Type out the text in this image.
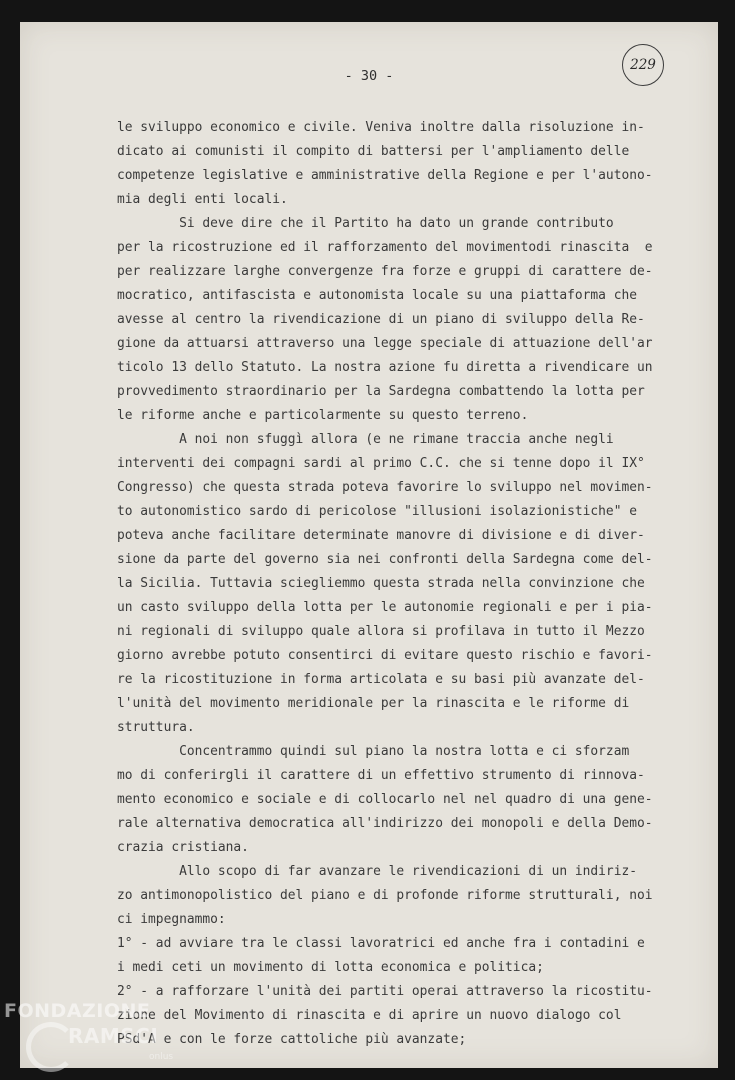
- 30 -
229
le sviluppo economico e civile. Veniva inoltre dalla risoluzione in-
dicato ai comunisti il compito di battersi per l'ampliamento delle
competenze legislative e amministrative della Regione e per l'autono-
mia degli enti locali.
Si deve dire che il Partito ha dato un grande contributo
per la ricostruzione ed il rafforzamento del movimentodi rinascita  e
per realizzare larghe convergenze fra forze e gruppi di carattere de-
mocratico, antifascista e autonomista locale su una piattaforma che
avesse al centro la rivendicazione di un piano di sviluppo della Re-
gione da attuarsi attraverso una legge speciale di attuazione dell'ar
ticolo 13 dello Statuto. La nostra azione fu diretta a rivendicare un
provvedimento straordinario per la Sardegna combattendo la lotta per
le riforme anche e particolarmente su questo terreno.
A noi non sfuggì allora (e ne rimane traccia anche negli
interventi dei compagni sardi al primo C.C. che si tenne dopo il IX°
Congresso) che questa strada poteva favorire lo sviluppo nel movimen-
to autonomistico sardo di pericolose "illusioni isolazionistiche" e
poteva anche facilitare determinate manovre di divisione e di diver-
sione da parte del governo sia nei confronti della Sardegna come del-
la Sicilia. Tuttavia sciegliemmo questa strada nella convinzione che
un casto sviluppo della lotta per le autonomie regionali e per i pia-
ni regionali di sviluppo quale allora si profilava in tutto il Mezzo
giorno avrebbe potuto consentirci di evitare questo rischio e favori-
re la ricostituzione in forma articolata e su basi più avanzate del-
l'unità del movimento meridionale per la rinascita e le riforme di
struttura.
Concentrammo quindi sul piano la nostra lotta e ci sforzam
mo di conferirgli il carattere di un effettivo strumento di rinnova-
mento economico e sociale e di collocarlo nel nel quadro di una gene-
rale alternativa democratica all'indirizzo dei monopoli e della Demo-
crazia cristiana.
Allo scopo di far avanzare le rivendicazioni di un indiriz-
zo antimonopolistico del piano e di profonde riforme strutturali, noi
ci impegnammo:
1° - ad avviare tra le classi lavoratrici ed anche fra i contadini e
i medi ceti un movimento di lotta economica e politica;
2° - a rafforzare l'unità dei partiti operai attraverso la ricostitu-
zione del Movimento di rinascita e di aprire un nuovo dialogo col
PSd'A e con le forze cattoliche più avanzate;
FONDAZIONE
RAMSCI
onlus
